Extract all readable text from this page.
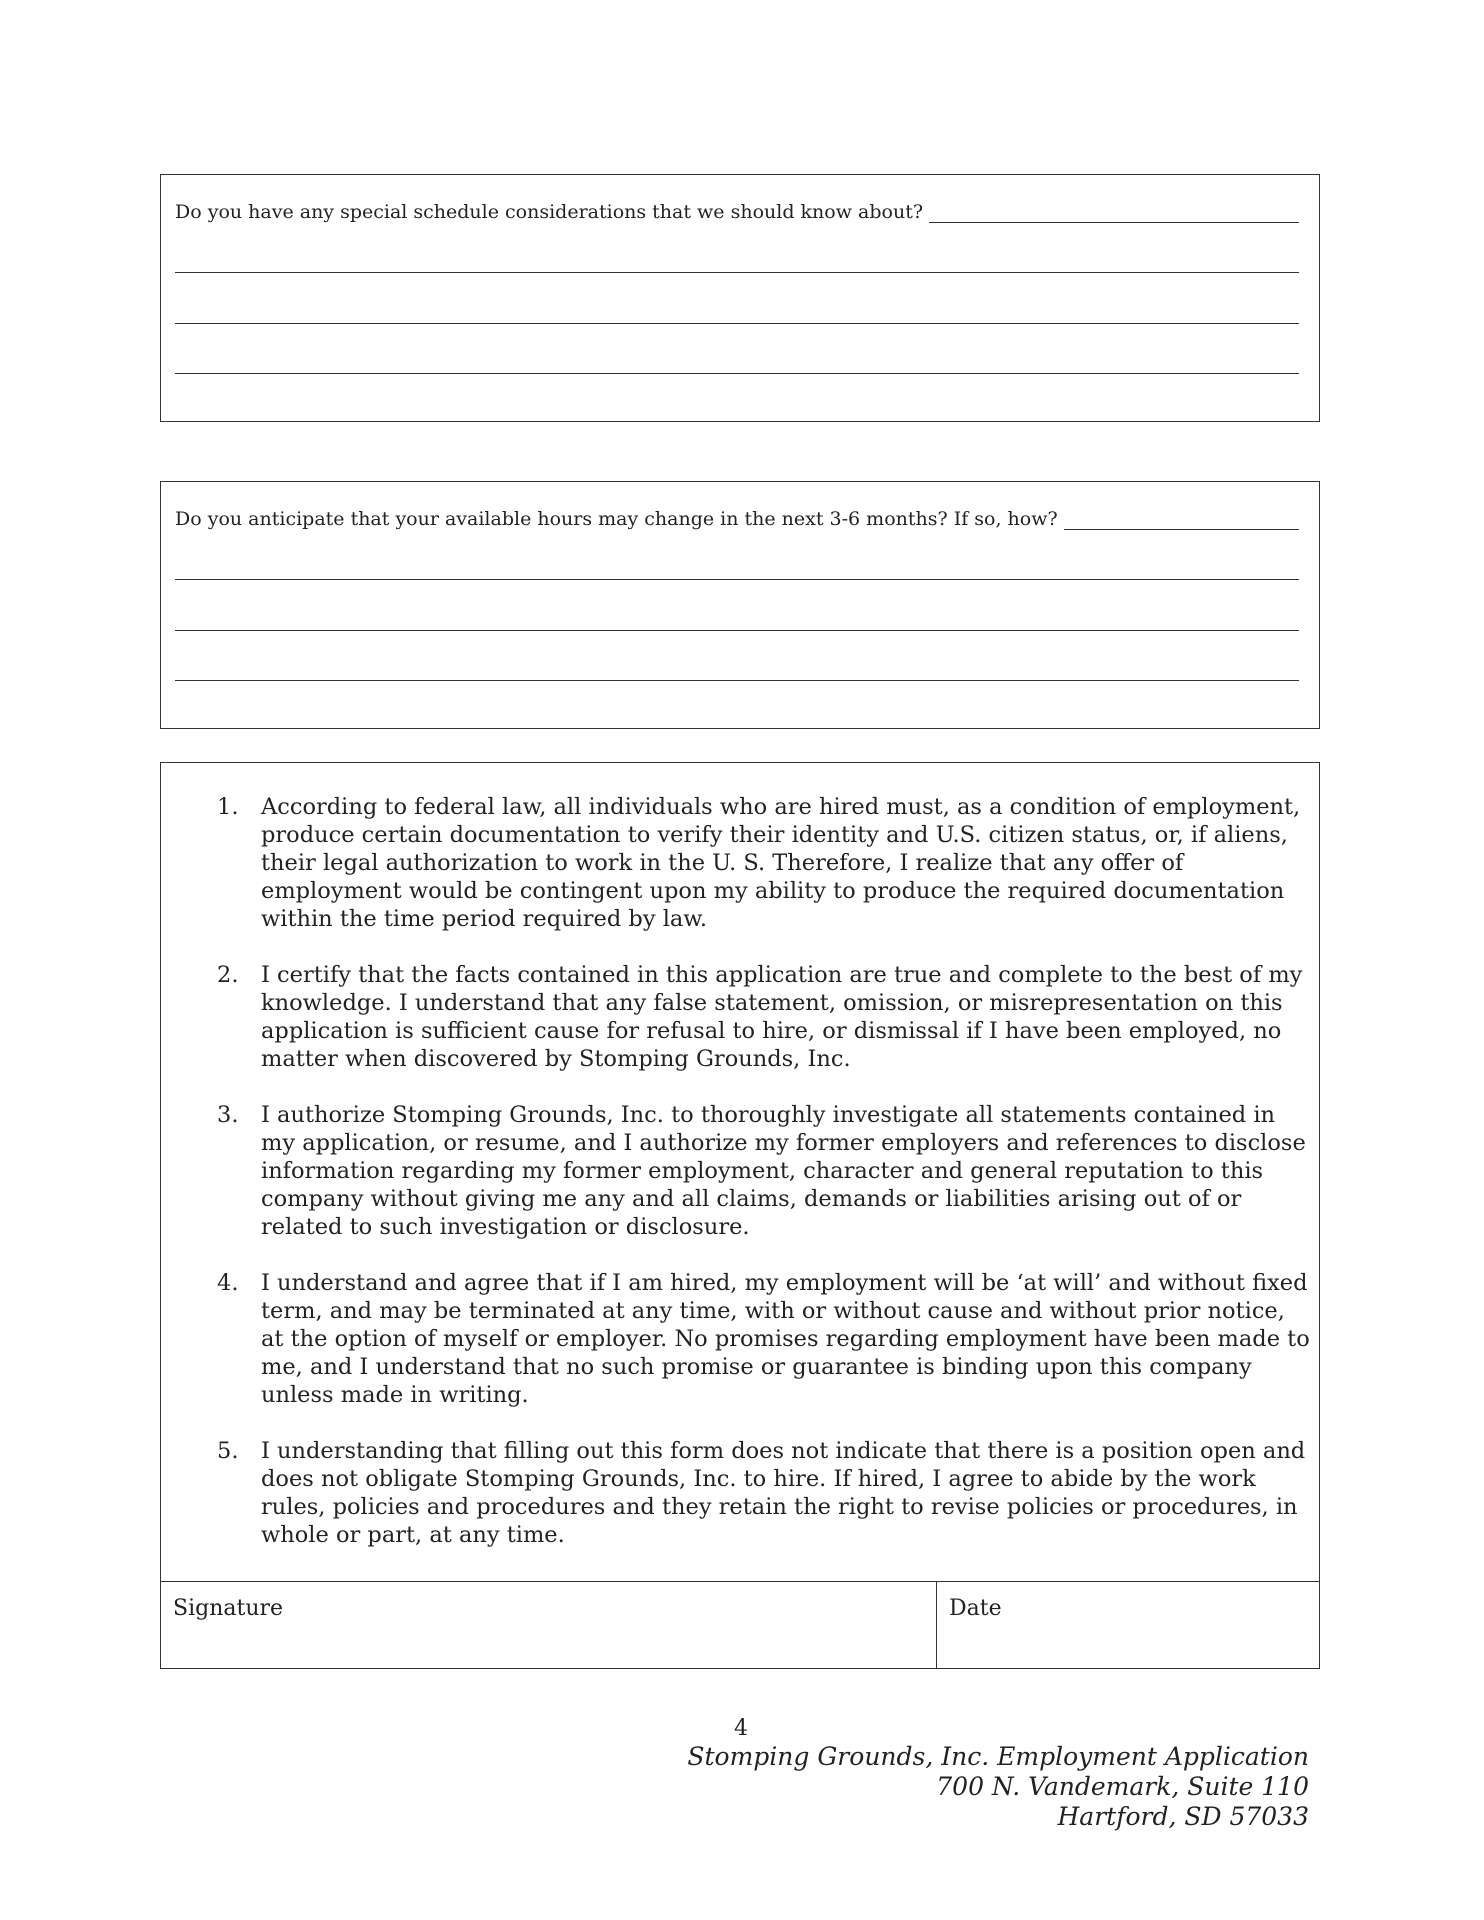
Do you have any special schedule considerations that we should know about?
Do you anticipate that your available hours may change in the next 3-6 months? If so, how?
1. According to federal law, all individuals who are hired must, as a condition of employment, produce certain documentation to verify their identity and U.S. citizen status, or, if aliens, their legal authorization to work in the U. S. Therefore, I realize that any offer of employment would be contingent upon my ability to produce the required documentation within the time period required by law.
2. I certify that the facts contained in this application are true and complete to the best of my knowledge. I understand that any false statement, omission, or misrepresentation on this application is sufficient cause for refusal to hire, or dismissal if I have been employed, no matter when discovered by Stomping Grounds, Inc.
3. I authorize Stomping Grounds, Inc. to thoroughly investigate all statements contained in my application, or resume, and I authorize my former employers and references to disclose information regarding my former employment, character and general reputation to this company without giving me any and all claims, demands or liabilities arising out of or related to such investigation or disclosure.
4. I understand and agree that if I am hired, my employment will be ‘at will’ and without fixed term, and may be terminated at any time, with or without cause and without prior notice, at the option of myself or employer. No promises regarding employment have been made to me, and I understand that no such promise or guarantee is binding upon this company unless made in writing.
5. I understanding that filling out this form does not indicate that there is a position open and does not obligate Stomping Grounds, Inc. to hire. If hired, I agree to abide by the work rules, policies and procedures and they retain the right to revise policies or procedures, in whole or part, at any time.
Signature	Date
4
Stomping Grounds, Inc. Employment Application
700 N. Vandemark, Suite 110
Hartford, SD 57033
